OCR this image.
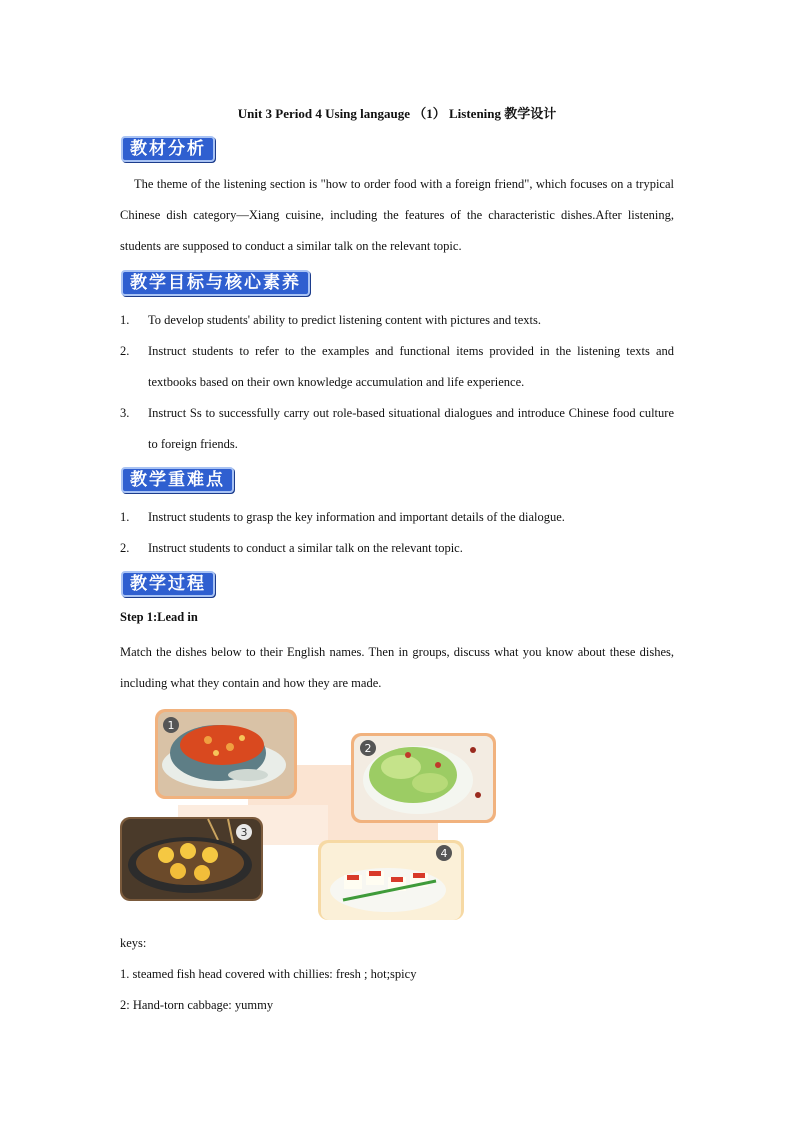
Unit 3 Period 4 Using langauge （1） Listening 教学设计
教材分析
The theme of the listening section is "how to order food with a foreign friend", which focuses on a trypical Chinese dish category—Xiang cuisine, including the features of the characteristic dishes.After listening, students are supposed to conduct a similar talk on the relevant topic.
教学目标与核心素养
1. To develop students' ability to predict listening content with pictures and texts.
2. Instruct students to refer to the examples and functional items provided in the listening texts and textbooks based on their own knowledge accumulation and life experience.
3. Instruct Ss to successfully carry out role-based situational dialogues and introduce Chinese food culture to foreign friends.
教学重难点
1. Instruct students to grasp the key information and important details of the dialogue.
2. Instruct students to conduct a similar talk on the relevant topic.
教学过程
Step 1:Lead in
Match the dishes below to their English names. Then in groups, discuss what you know about these dishes, including what they contain and how they are made.
1
2
3
4
keys:
1. steamed fish head covered with chillies: fresh ; hot;spicy
2: Hand-torn cabbage: yummy
